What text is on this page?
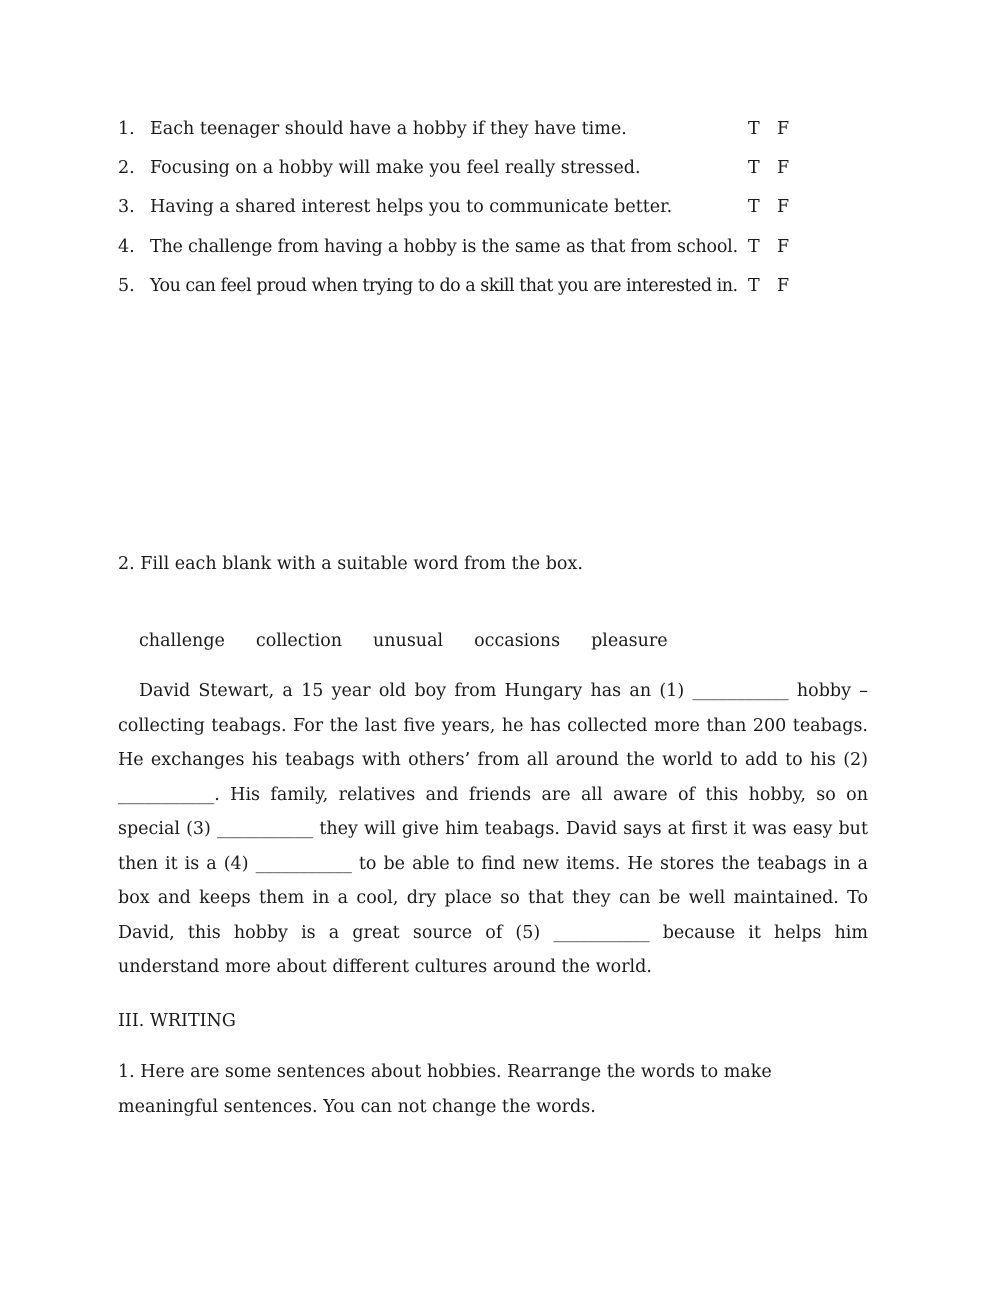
1. Each teenager should have a hobby if they have time.	T F
2. Focusing on a hobby will make you feel really stressed.	T F
3. Having a shared interest helps you to communicate better.	T F
4. The challenge from having a hobby is the same as that from school. T F
5. You can feel proud when trying to do a skill that you are interested in. T F
2. Fill each blank with a suitable word from the box.
challenge collection unusual occasions pleasure
David Stewart, a 15 year old boy from Hungary has an (1) ___________ hobby – collecting teabags. For the last five years, he has collected more than 200 teabags. He exchanges his teabags with others’ from all around the world to add to his (2) ___________. His family, relatives and friends are all aware of this hobby, so on special (3) ___________ they will give him teabags. David says at first it was easy but then it is a (4) ___________ to be able to find new items. He stores the teabags in a box and keeps them in a cool, dry place so that they can be well maintained. To David, this hobby is a great source of (5) ___________ because it helps him understand more about different cultures around the world.
III. WRITING
1. Here are some sentences about hobbies. Rearrange the words to make meaningful sentences. You can not change the words.
